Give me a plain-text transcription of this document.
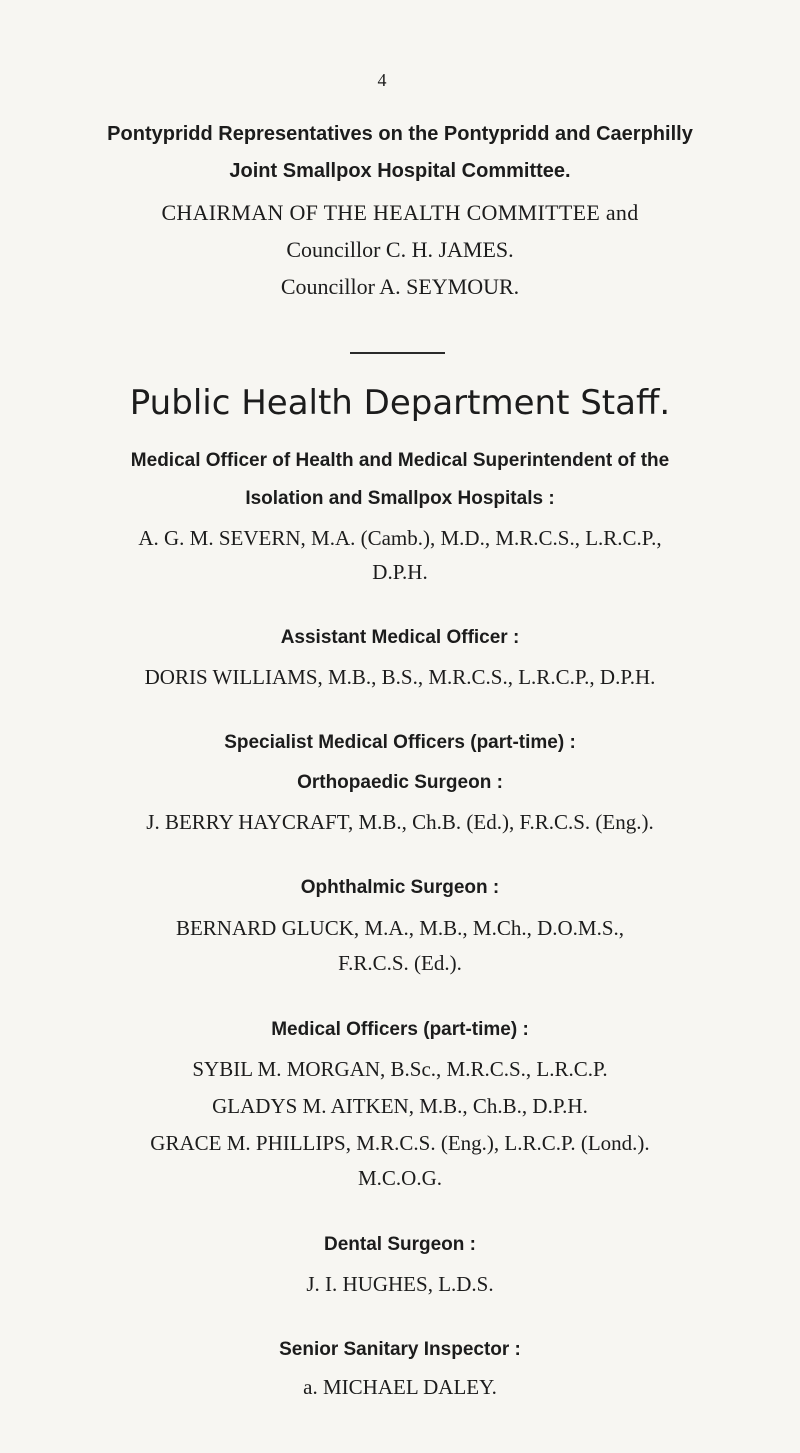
4

Pontypridd Representatives on the Pontypridd and Caerphilly

Joint Smallpox Hospital Committee.

CHAIRMAN OF THE HEALTH COMMITTEE and

Councillor C. H. JAMES.

Councillor A. SEYMOUR.

Public Health Department Staff.

Medical Officer of Health and Medical Superintendent of the

Isolation and Smallpox Hospitals :

A. G. M. SEVERN, M.A. (Camb.), M.D., M.R.C.S., L.R.C.P.,

D.P.H.

Assistant Medical Officer :

DORIS WILLIAMS, M.B., B.S., M.R.C.S., L.R.C.P., D.P.H.

Specialist Medical Officers (part-time) :

Orthopaedic Surgeon :

J. BERRY HAYCRAFT, M.B., Ch.B. (Ed.), F.R.C.S. (Eng.).

Ophthalmic Surgeon :

BERNARD GLUCK, M.A., M.B., M.Ch., D.O.M.S.,

F.R.C.S. (Ed.).

Medical Officers (part-time) :

SYBIL M. MORGAN, B.Sc., M.R.C.S., L.R.C.P.

GLADYS M. AITKEN, M.B., Ch.B., D.P.H.

GRACE M. PHILLIPS, M.R.C.S. (Eng.), L.R.C.P. (Lond.).

M.C.O.G.

Dental Surgeon :

J. I. HUGHES, L.D.S.

Senior Sanitary Inspector :

a. MICHAEL DALEY.
